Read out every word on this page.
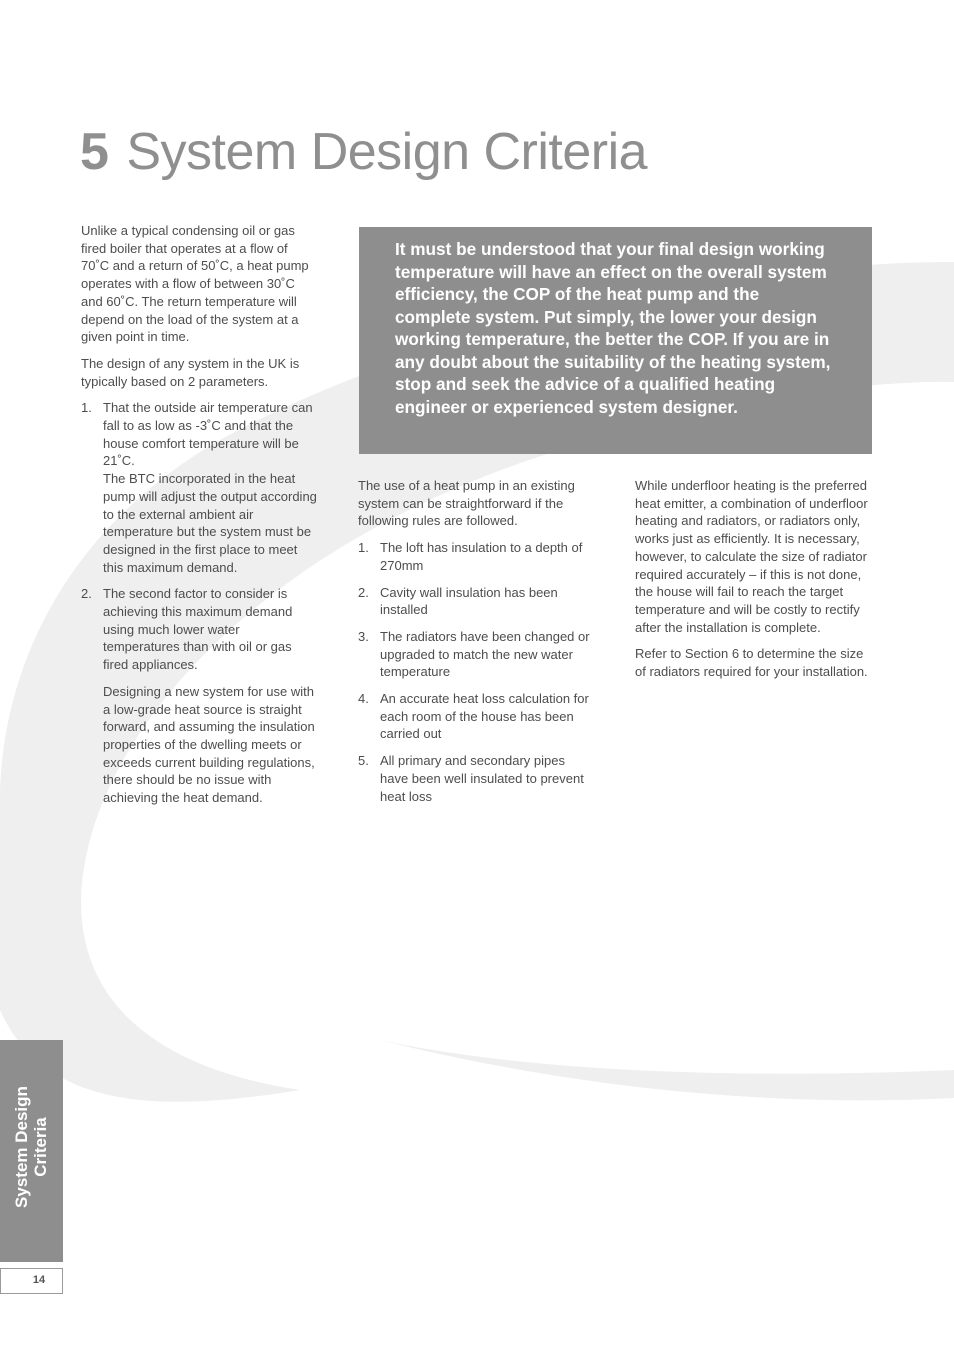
5 System Design Criteria

Unlike a typical condensing oil or gas fired boiler that operates at a flow of 70˚C and a return of 50˚C, a heat pump operates with a flow of between 30˚C and 60˚C. The return temperature will depend on the load of the system at a given point in time.

The design of any system in the UK is typically based on 2 parameters.

1. That the outside air temperature can fall to as low as -3˚C and that the house comfort temperature will be 21˚C.

The BTC incorporated in the heat pump will adjust the output according to the external ambient air temperature but the system must be designed in the first place to meet this maximum demand.

2. The second factor to consider is achieving this maximum demand using much lower water temperatures than with oil or gas fired appliances.

Designing a new system for use with a low-grade heat source is straight forward, and assuming the insulation properties of the dwelling meets or exceeds current building regulations, there should be no issue with achieving the heat demand.

It must be understood that your final design working temperature will have an effect on the overall system efficiency, the COP of the heat pump and the complete system. Put simply, the lower your design working temperature, the better the COP. If you are in any doubt about the suitability of the heating system, stop and seek the advice of a qualified heating engineer or experienced system designer.

The use of a heat pump in an existing system can be straightforward if the following rules are followed.

1. The loft has insulation to a depth of 270mm

2. Cavity wall insulation has been installed

3. The radiators have been changed or upgraded to match the new water temperature

4. An accurate heat loss calculation for each room of the house has been carried out

5. All primary and secondary pipes have been well insulated to prevent heat loss

While underfloor heating is the preferred heat emitter, a combination of underfloor heating and radiators, or radiators only, works just as efficiently. It is necessary, however, to calculate the size of radiator required accurately – if this is not done, the house will fail to reach the target temperature and will be costly to rectify after the installation is complete.

Refer to Section 6 to determine the size of radiators required for your installation.

System Design Criteria
14
